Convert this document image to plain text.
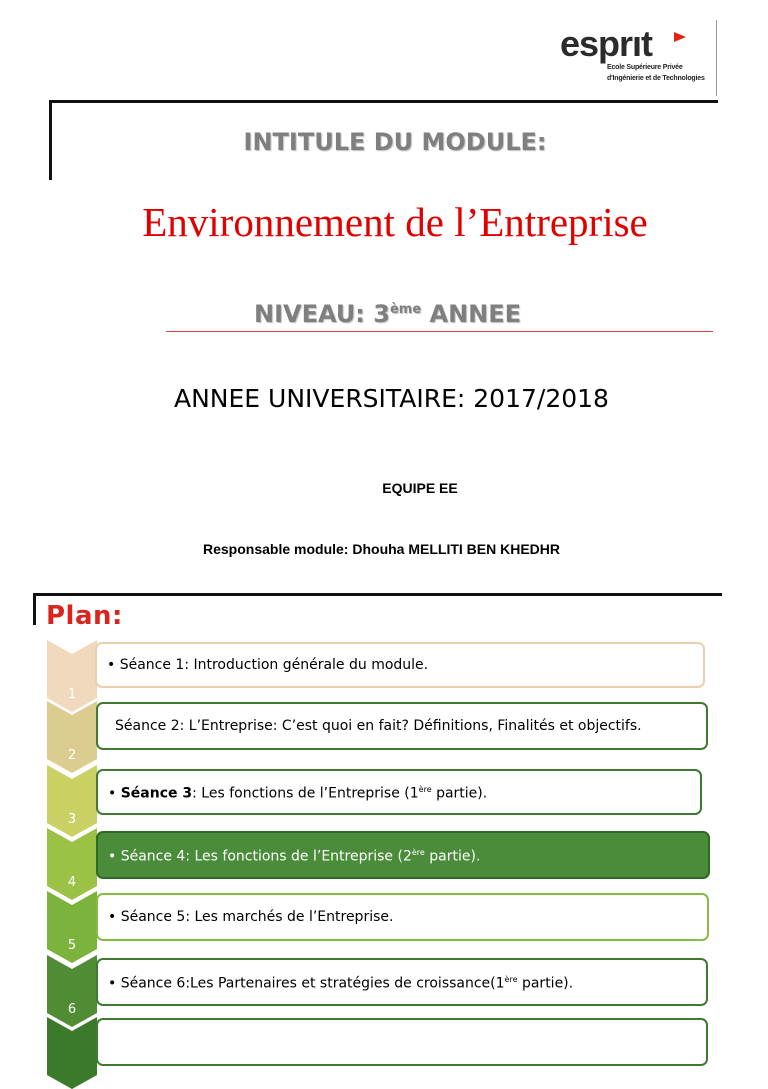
esprıt
Ecole Supérieure Privée
d'Ingénierie et de Technologies
INTITULE DU MODULE:
Environnement de l’Entreprise
NIVEAU: 3ème ANNEE
ANNEE UNIVERSITAIRE: 2017/2018
EQUIPE EE
Responsable module: Dhouha MELLITI BEN KHEDHR
Plan:
1
2
3
4
5
6
• Séance 1: Introduction générale du module.
Séance 2: L’Entreprise: C’est quoi en fait? Définitions, Finalités et objectifs.
• Séance 3: Les fonctions de l’Entreprise (1ère partie).
• Séance 4: Les fonctions de l’Entreprise (2ère partie).
• Séance 5: Les marchés de l’Entreprise.
• Séance 6:Les Partenaires et stratégies de croissance(1ère partie).
